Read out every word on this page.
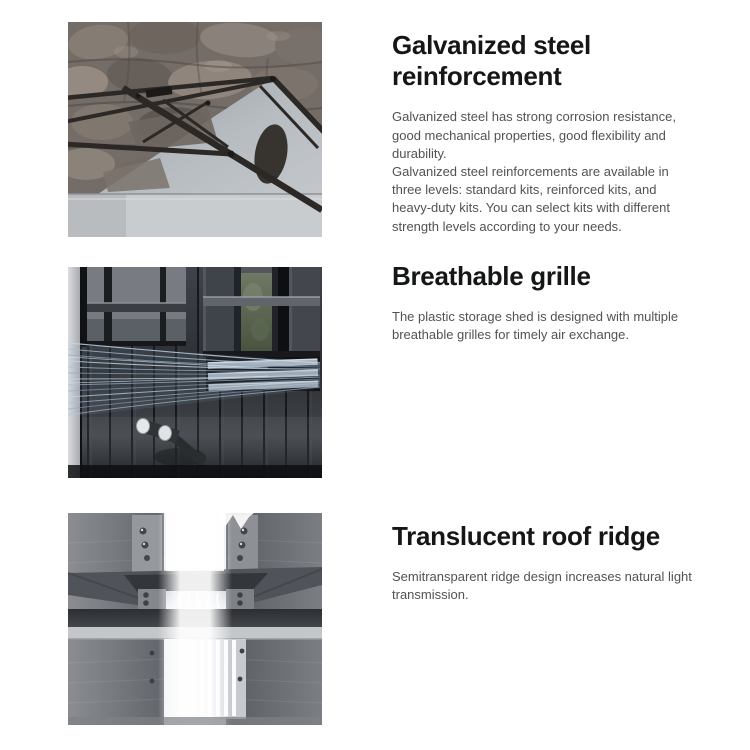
Galvanized steel reinforcement

Galvanized steel has strong corrosion resistance, good mechanical properties, good flexibility and durability.

Galvanized steel reinforcements are available in three levels: standard kits, reinforced kits, and heavy-duty kits. You can select kits with different strength levels according to your needs.

Breathable grille

The plastic storage shed is designed with multiple breathable grilles for timely air exchange.

Translucent roof ridge

Semitransparent ridge design increases natural light transmission.
